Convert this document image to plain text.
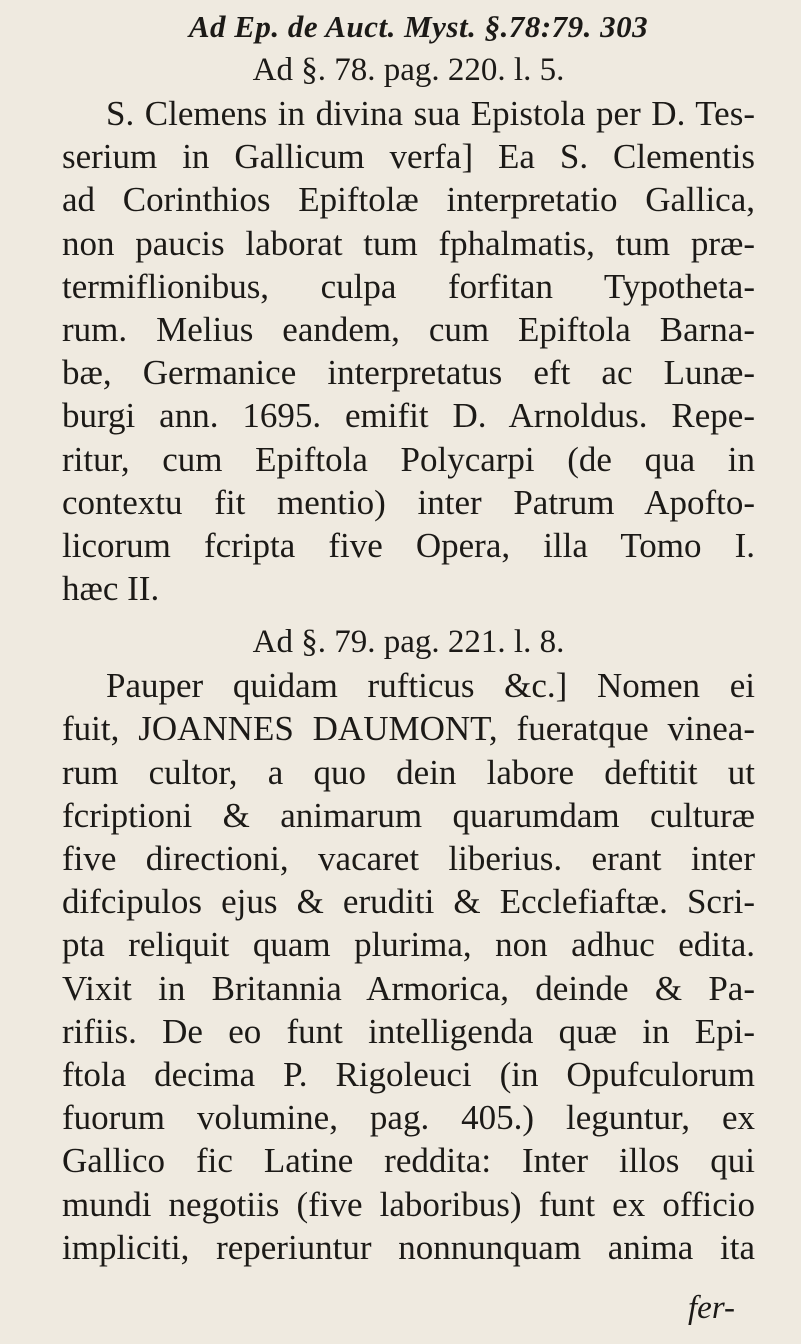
Ad Ep. de Auct. Myst. §.78:79. 303
Ad §. 78. pag. 220. l. 5.
S. Clemens in divina sua Epistola per D. Tes-
serium in Gallicum verfa] Ea S. Clementis
ad Corinthios Epiftolæ interpretatio Gallica,
non paucis laborat tum fphalmatis, tum præ-
termiflionibus, culpa forfitan Typotheta-
rum. Melius eandem, cum Epiftola Barna-
bæ, Germanice interpretatus eft ac Lunæ-
burgi ann. 1695. emifit D. Arnoldus. Repe-
ritur, cum Epiftola Polycarpi (de qua in
contextu fit mentio) inter Patrum Apofto-
licorum fcripta five Opera, illa Tomo I.
hæc II.
Ad §. 79. pag. 221. l. 8.
Pauper quidam rufticus &c.] Nomen ei
fuit, JOANNES DAUMONT, fueratque vinea-
rum cultor, a quo dein labore deftitit ut
fcriptioni & animarum quarumdam culturæ
five directioni, vacaret liberius. erant inter
difcipulos ejus & eruditi & Ecclefiaftæ. Scri-
pta reliquit quam plurima, non adhuc edita.
Vixit in Britannia Armorica, deinde & Pa-
rifiis. De eo funt intelligenda quæ in Epi-
ftola decima P. Rigoleuci (in Opufculorum
fuorum volumine, pag. 405.) leguntur, ex
Gallico fic Latine reddita: Inter illos qui
mundi negotiis (five laboribus) funt ex officio
impliciti, reperiuntur nonnunquam anima ita
fer-
